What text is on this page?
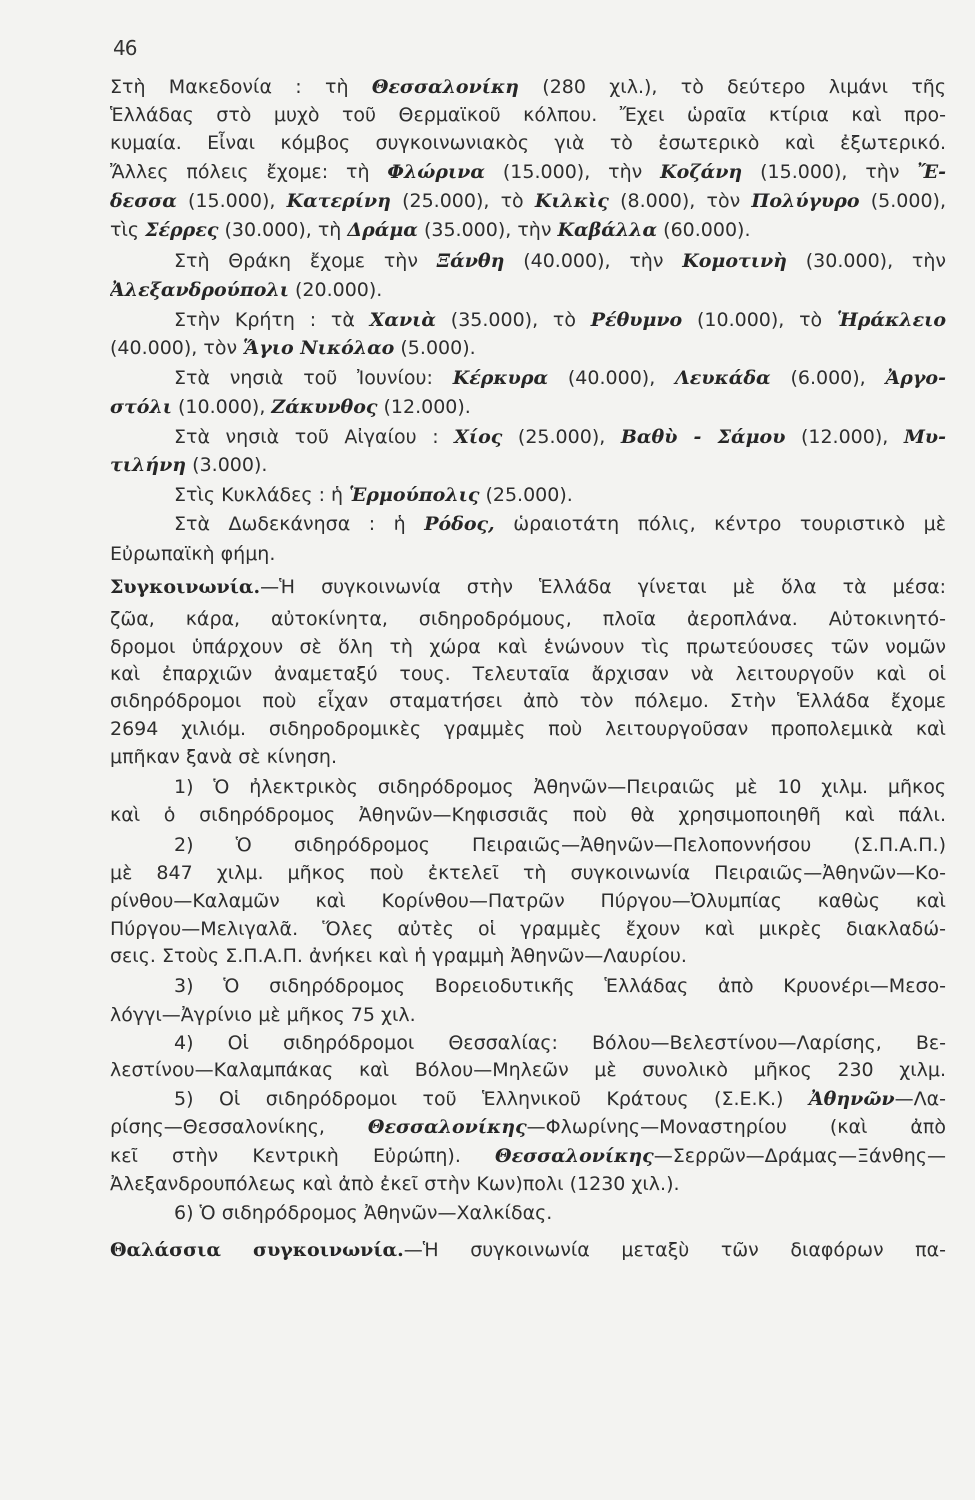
46
Στὴ Μακεδονία : τὴ Θεσσαλονίκη (280 χιλ.), τὸ δεύτερο λιμάνι τῆς
Ἑλλάδας στὸ μυχὸ τοῦ Θερμαϊκοῦ κόλπου. Ἔχει ὡραῖα κτίρια καὶ προ-
κυμαία. Εἶναι κόμβος συγκοινωνιακὸς γιὰ τὸ ἐσωτερικὸ καὶ ἐξωτερικό.
Ἄλλες πόλεις ἔχομε: τὴ Φλώρινα (15.000), τὴν Κοζάνη (15.000), τὴν Ἔ-
δεσσα (15.000), Κατερίνη (25.000), τὸ Κιλκὶς (8.000), τὸν Πολύγυρο (5.000),
τὶς Σέρρες (30.000), τὴ Δράμα (35.000), τὴν Καβάλλα (60.000).
Στὴ Θράκη ἔχομε τὴν Ξάνθη (40.000), τὴν Κομοτινὴ (30.000), τὴν
Ἀλεξανδρούπολι (20.000).
Στὴν Κρήτη : τὰ Χανιὰ (35.000), τὸ Ρέθυμνο (10.000), τὸ Ἡράκλειο
(40.000), τὸν Ἅγιο Νικόλαο (5.000).
Στὰ νησιὰ τοῦ Ἰουνίου: Κέρκυρα (40.000), Λευκάδα (6.000), Ἀργο-
στόλι (10.000), Ζάκυνθος (12.000).
Στὰ νησιὰ τοῦ Αἰγαίου : Χίος (25.000), Βαθὺ - Σάμου (12.000), Μυ-
τιλήνη (3.000).
Στὶς Κυκλάδες : ἡ Ἑρμούπολις (25.000).
Στὰ Δωδεκάνησα : ἡ Ρόδος, ὡραιοτάτη πόλις, κέντρο τουριστικὸ μὲ
Εὐρωπαϊκὴ φήμη.
Συγκοινωνία.—Ἡ συγκοινωνία στὴν Ἑλλάδα γίνεται μὲ ὅλα τὰ μέσα:
ζῶα, κάρα, αὐτοκίνητα, σιδηροδρόμους, πλοῖα ἀεροπλάνα. Αὐτοκινητό-
δρομοι ὑπάρχουν σὲ ὅλη τὴ χώρα καὶ ἑνώνουν τὶς πρωτεύουσες τῶν νομῶν
καὶ ἐπαρχιῶν ἀναμεταξύ τους. Τελευταῖα ἄρχισαν νὰ λειτουργοῦν καὶ οἱ
σιδηρόδρομοι ποὺ εἶχαν σταματήσει ἀπὸ τὸν πόλεμο. Στὴν Ἑλλάδα ἔχομε
2694 χιλιόμ. σιδηροδρομικὲς γραμμὲς ποὺ λειτουργοῦσαν προπολεμικὰ καὶ
μπῆκαν ξανὰ σὲ κίνηση.
1) Ὁ ἠλεκτρικὸς σιδηρόδρομος Ἀθηνῶν—Πειραιῶς μὲ 10 χιλμ. μῆκος
καὶ ὁ σιδηρόδρομος Ἀθηνῶν—Κηφισσιᾶς ποὺ θὰ χρησιμοποιηθῆ καὶ πάλι.
2) Ὁ σιδηρόδρομος Πειραιῶς—Ἀθηνῶν—Πελοποννήσου (Σ.Π.Α.Π.)
μὲ 847 χιλμ. μῆκος ποὺ ἐκτελεῖ τὴ συγκοινωνία Πειραιῶς—Ἀθηνῶν—Κο-
ρίνθου—Καλαμῶν καὶ Κορίνθου—Πατρῶν Πύργου—Ὀλυμπίας καθὼς καὶ
Πύργου—Μελιγαλᾶ. Ὅλες αὐτὲς οἱ γραμμὲς ἔχουν καὶ μικρὲς διακλαδώ-
σεις. Στοὺς Σ.Π.Α.Π. ἀνήκει καὶ ἡ γραμμὴ Ἀθηνῶν—Λαυρίου.
3) Ὁ σιδηρόδρομος Βορειοδυτικῆς Ἑλλάδας ἀπὸ Κρυονέρι—Μεσο-
λόγγι—Ἀγρίνιο μὲ μῆκος 75 χιλ.
4) Οἱ σιδηρόδρομοι Θεσσαλίας: Βόλου—Βελεστίνου—Λαρίσης, Βε-
λεστίνου—Καλαμπάκας καὶ Βόλου—Μηλεῶν μὲ συνολικὸ μῆκος 230 χιλμ.
5) Οἱ σιδηρόδρομοι τοῦ Ἑλληνικοῦ Κράτους (Σ.Ε.Κ.) Ἀθηνῶν—Λα-
ρίσης—Θεσσαλονίκης, Θεσσαλονίκης—Φλωρίνης—Μοναστηρίου (καὶ ἀπὸ
κεῖ στὴν Κεντρικὴ Εὐρώπη). Θεσσαλονίκης—Σερρῶν—Δράμας—Ξάνθης—
Ἀλεξανδρουπόλεως καὶ ἀπὸ ἐκεῖ στὴν Κων)πολι (1230 χιλ.).
6) Ὁ σιδηρόδρομος Ἀθηνῶν—Χαλκίδας.
Θαλάσσια συγκοινωνία.—Ἡ συγκοινωνία μεταξὺ τῶν διαφόρων πα-
